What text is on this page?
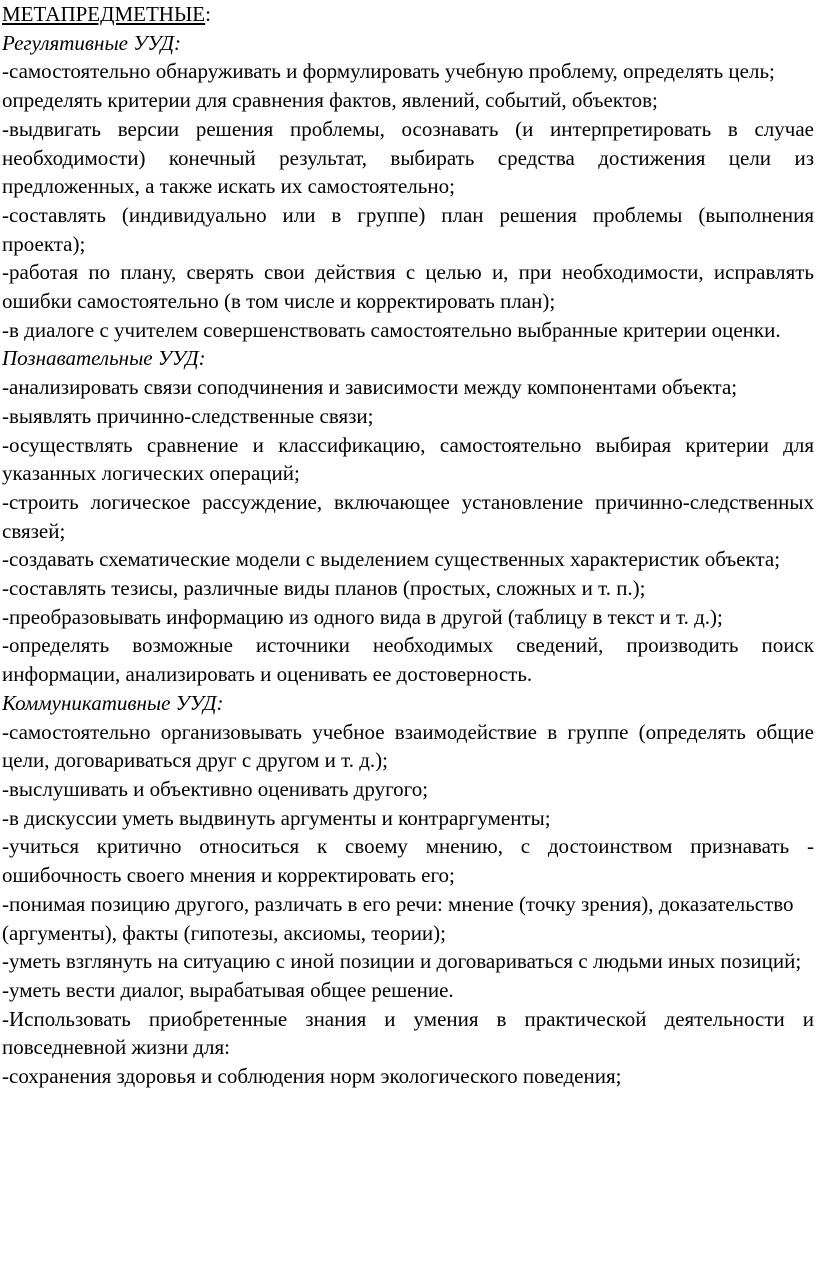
МЕТАПРЕДМЕТНЫЕ:
Регулятивные УУД:

-самостоятельно обнаруживать и формулировать учебную проблему, определять цель;

определять критерии для сравнения фактов, явлений, событий, объектов;

-выдвигать версии решения проблемы, осознавать (и интерпретировать в случае необходимости) конечный результат, выбирать средства достижения цели из предложенных, а также искать их самостоятельно;

-составлять (индивидуально или в группе) план решения проблемы (выполнения проекта);

-работая по плану, сверять свои действия с целью и, при необходимости, исправлять ошибки самостоятельно (в том числе и корректировать план);

-в диалоге с учителем совершенствовать самостоятельно выбранные критерии оценки.

Познавательные УУД:

-анализировать связи соподчинения и зависимости между компонентами объекта;

-выявлять причинно-следственные связи;

-осуществлять сравнение и классификацию, самостоятельно выбирая критерии для указанных логических операций;

-строить логическое рассуждение, включающее установление причинно-следственных связей;

-создавать схематические модели с выделением существенных характеристик объекта;

-составлять тезисы, различные виды планов (простых, сложных и т. п.);

-преобразовывать информацию из одного вида в другой (таблицу в текст и т. д.);

-определять возможные источники необходимых сведений, производить поиск информации, анализировать и оценивать ее достоверность.

Коммуникативные УУД:

-самостоятельно организовывать учебное взаимодействие в группе (определять общие цели, договариваться друг с другом и т. д.);

-выслушивать и объективно оценивать другого;

-в дискуссии уметь выдвинуть аргументы и контраргументы;

-учиться критично относиться к своему мнению, с достоинством признавать - ошибочность своего мнения и корректировать его;

-понимая позицию другого, различать в его речи: мнение (точку зрения), доказательство

(аргументы), факты (гипотезы, аксиомы, теории);

-уметь взглянуть на ситуацию с иной позиции и договариваться с людьми иных позиций;

-уметь вести диалог, вырабатывая общее решение.

-Использовать приобретенные знания и умения в практической деятельности и повседневной жизни для:

-сохранения здоровья и соблюдения норм экологического поведения;
